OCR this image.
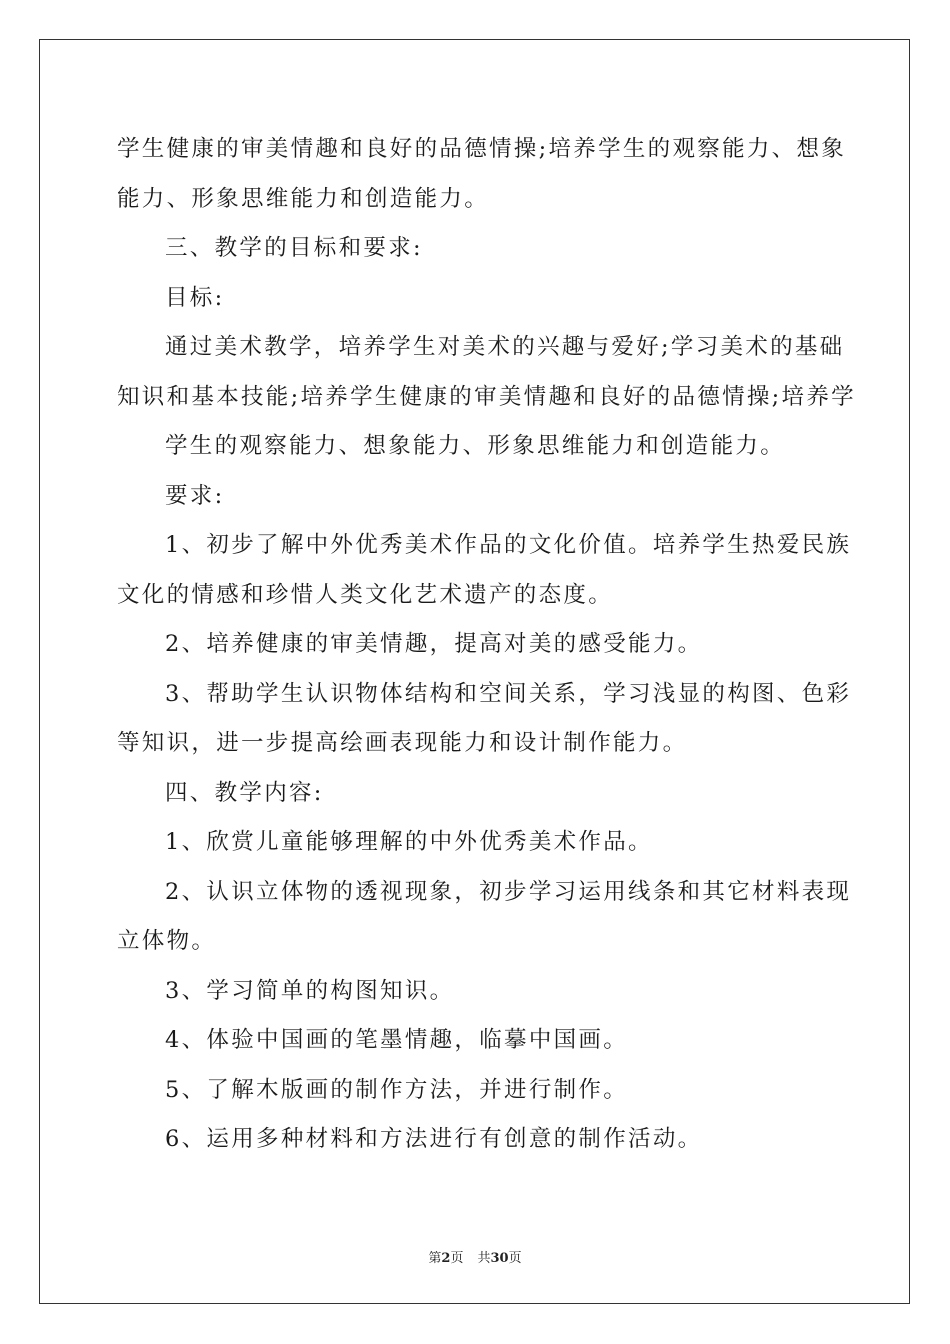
学生健康的审美情趣和良好的品德情操;培养学生的观察能力、想象
能力、形象思维能力和创造能力。
三、教学的目标和要求:
目标:
通过美术教学，培养学生对美术的兴趣与爱好;学习美术的基础
知识和基本技能;培养学生健康的审美情趣和良好的品德情操;培养学
学生的观察能力、想象能力、形象思维能力和创造能力。
要求:
1、初步了解中外优秀美术作品的文化价值。培养学生热爱民族
文化的情感和珍惜人类文化艺术遗产的态度。
2、培养健康的审美情趣，提高对美的感受能力。
3、帮助学生认识物体结构和空间关系，学习浅显的构图、色彩
等知识，进一步提高绘画表现能力和设计制作能力。
四、教学内容:
1、欣赏儿童能够理解的中外优秀美术作品。
2、认识立体物的透视现象，初步学习运用线条和其它材料表现
立体物。
3、学习简单的构图知识。
4、体验中国画的笔墨情趣，临摹中国画。
5、了解木版画的制作方法，并进行制作。
6、运用多种材料和方法进行有创意的制作活动。
第2页 共30页
